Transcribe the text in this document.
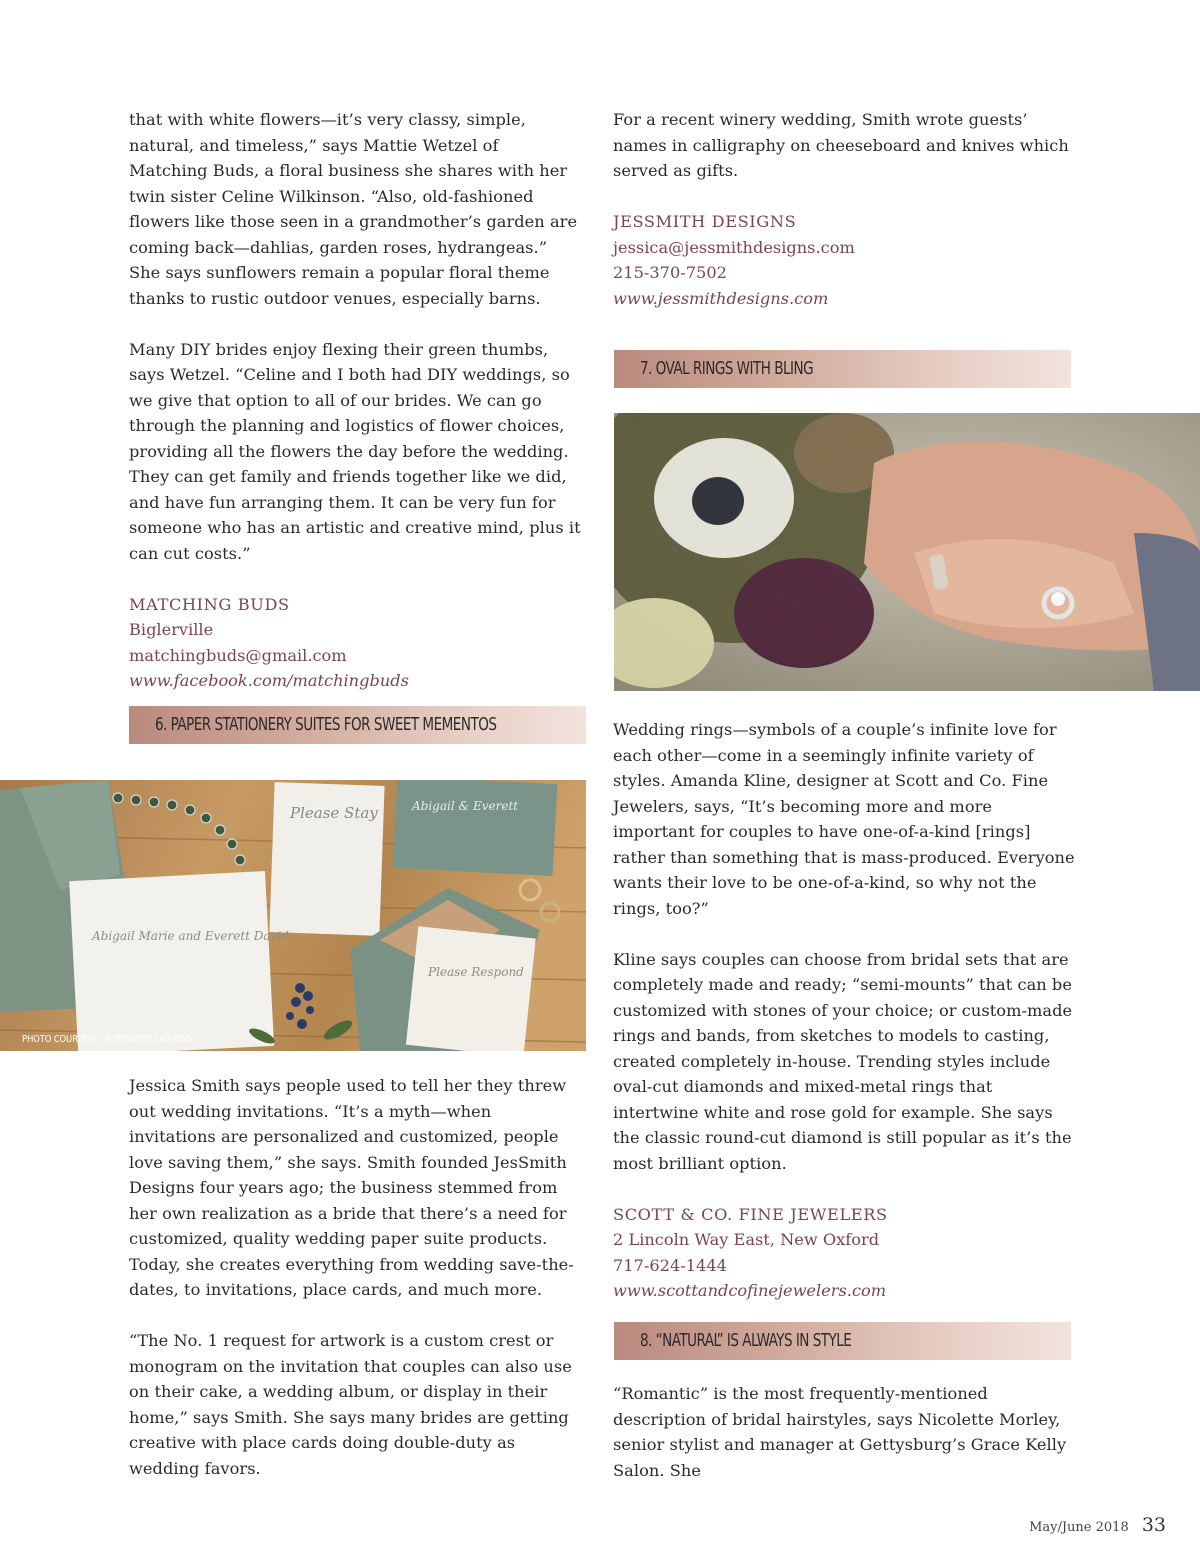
that with white flowers—it’s very classy, simple, natural, and timeless,” says Mattie Wetzel of Matching Buds, a floral business she shares with her twin sister Celine Wilkinson. “Also, old-fashioned flowers like those seen in a grandmother’s garden are coming back—dahlias, garden roses, hydrangeas.” She says sunflowers remain a popular floral theme thanks to rustic outdoor venues, especially barns.

Many DIY brides enjoy flexing their green thumbs, says Wetzel. “Celine and I both had DIY weddings, so we give that option to all of our brides. We can go through the planning and logistics of flower choices, providing all the flowers the day before the wedding. They can get family and friends together like we did, and have fun arranging them. It can be very fun for someone who has an artistic and creative mind, plus it can cut costs.”

MATCHING BUDS
Biglerville
matchingbuds@gmail.com
www.facebook.com/matchingbuds
6. PAPER STATIONERY SUITES FOR SWEET MEMENTOS
Please Stay	Abigail & Everett
Abigail Marie and Everett David
Please Respond
PHOTO COURTESY OF JESSMITH DESIGNS

Jessica Smith says people used to tell her they threw out wedding invitations. “It’s a myth—when invitations are personalized and customized, people love saving them,” she says. Smith founded JesSmith Designs four years ago; the business stemmed from her own realization as a bride that there’s a need for customized, quality wedding paper suite products. Today, she creates everything from wedding save-the-dates, to invitations, place cards, and much more.

“The No. 1 request for artwork is a custom crest or monogram on the invitation that couples can also use on their cake, a wedding album, or display in their home,” says Smith. She says many brides are getting creative with place cards doing double-duty as wedding favors.

For a recent winery wedding, Smith wrote guests’ names in calligraphy on cheeseboard and knives which served as gifts.

JESSMITH DESIGNS
jessica@jessmithdesigns.com
215-370-7502
www.jessmithdesigns.com
7. OVAL RINGS WITH BLING

Wedding rings—symbols of a couple’s infinite love for each other—come in a seemingly infinite variety of styles. Amanda Kline, designer at Scott and Co. Fine Jewelers, says, “It’s becoming more and more important for couples to have one-of-a-kind [rings] rather than something that is mass-produced. Everyone wants their love to be one-of-a-kind, so why not the rings, too?”

Kline says couples can choose from bridal sets that are completely made and ready; “semi-mounts” that can be customized with stones of your choice; or custom-made rings and bands, from sketches to models to casting, created completely in-house. Trending styles include oval-cut diamonds and mixed-metal rings that intertwine white and rose gold for example. She says the classic round-cut diamond is still popular as it’s the most brilliant option.

SCOTT & CO. FINE JEWELERS
2 Lincoln Way East, New Oxford
717-624-1444
www.scottandcofinejewelers.com
8. “NATURAL” IS ALWAYS IN STYLE

“Romantic” is the most frequently-mentioned description of bridal hairstyles, says Nicolette Morley, senior stylist and manager at Gettysburg’s Grace Kelly Salon. She

May/June 2018 33
